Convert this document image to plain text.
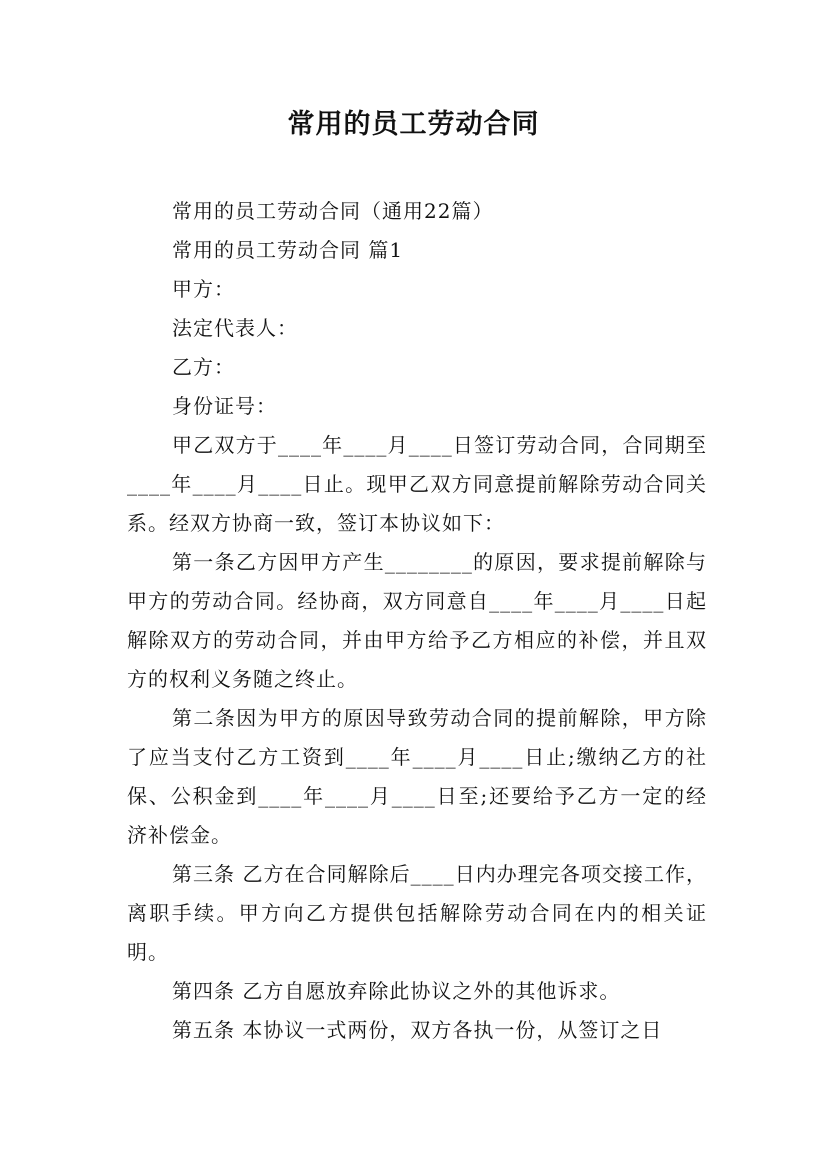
常用的员工劳动合同

常用的员工劳动合同（通用22篇）

常用的员工劳动合同 篇1

甲方：

法定代表人：

乙方：

身份证号：

甲乙双方于____年____月____日签订劳动合同，合同期至____年____月____日止。现甲乙双方同意提前解除劳动合同关系。经双方协商一致，签订本协议如下：

第一条乙方因甲方产生________的原因，要求提前解除与甲方的劳动合同。经协商，双方同意自____年____月____日起解除双方的劳动合同，并由甲方给予乙方相应的补偿，并且双方的权利义务随之终止。

第二条因为甲方的原因导致劳动合同的提前解除，甲方除了应当支付乙方工资到____年____月____日止;缴纳乙方的社保、公积金到____年____月____日至;还要给予乙方一定的经济补偿金。

第三条 乙方在合同解除后____日内办理完各项交接工作，离职手续。甲方向乙方提供包括解除劳动合同在内的相关证明。

第四条 乙方自愿放弃除此协议之外的其他诉求。

第五条 本协议一式两份，双方各执一份，从签订之日
